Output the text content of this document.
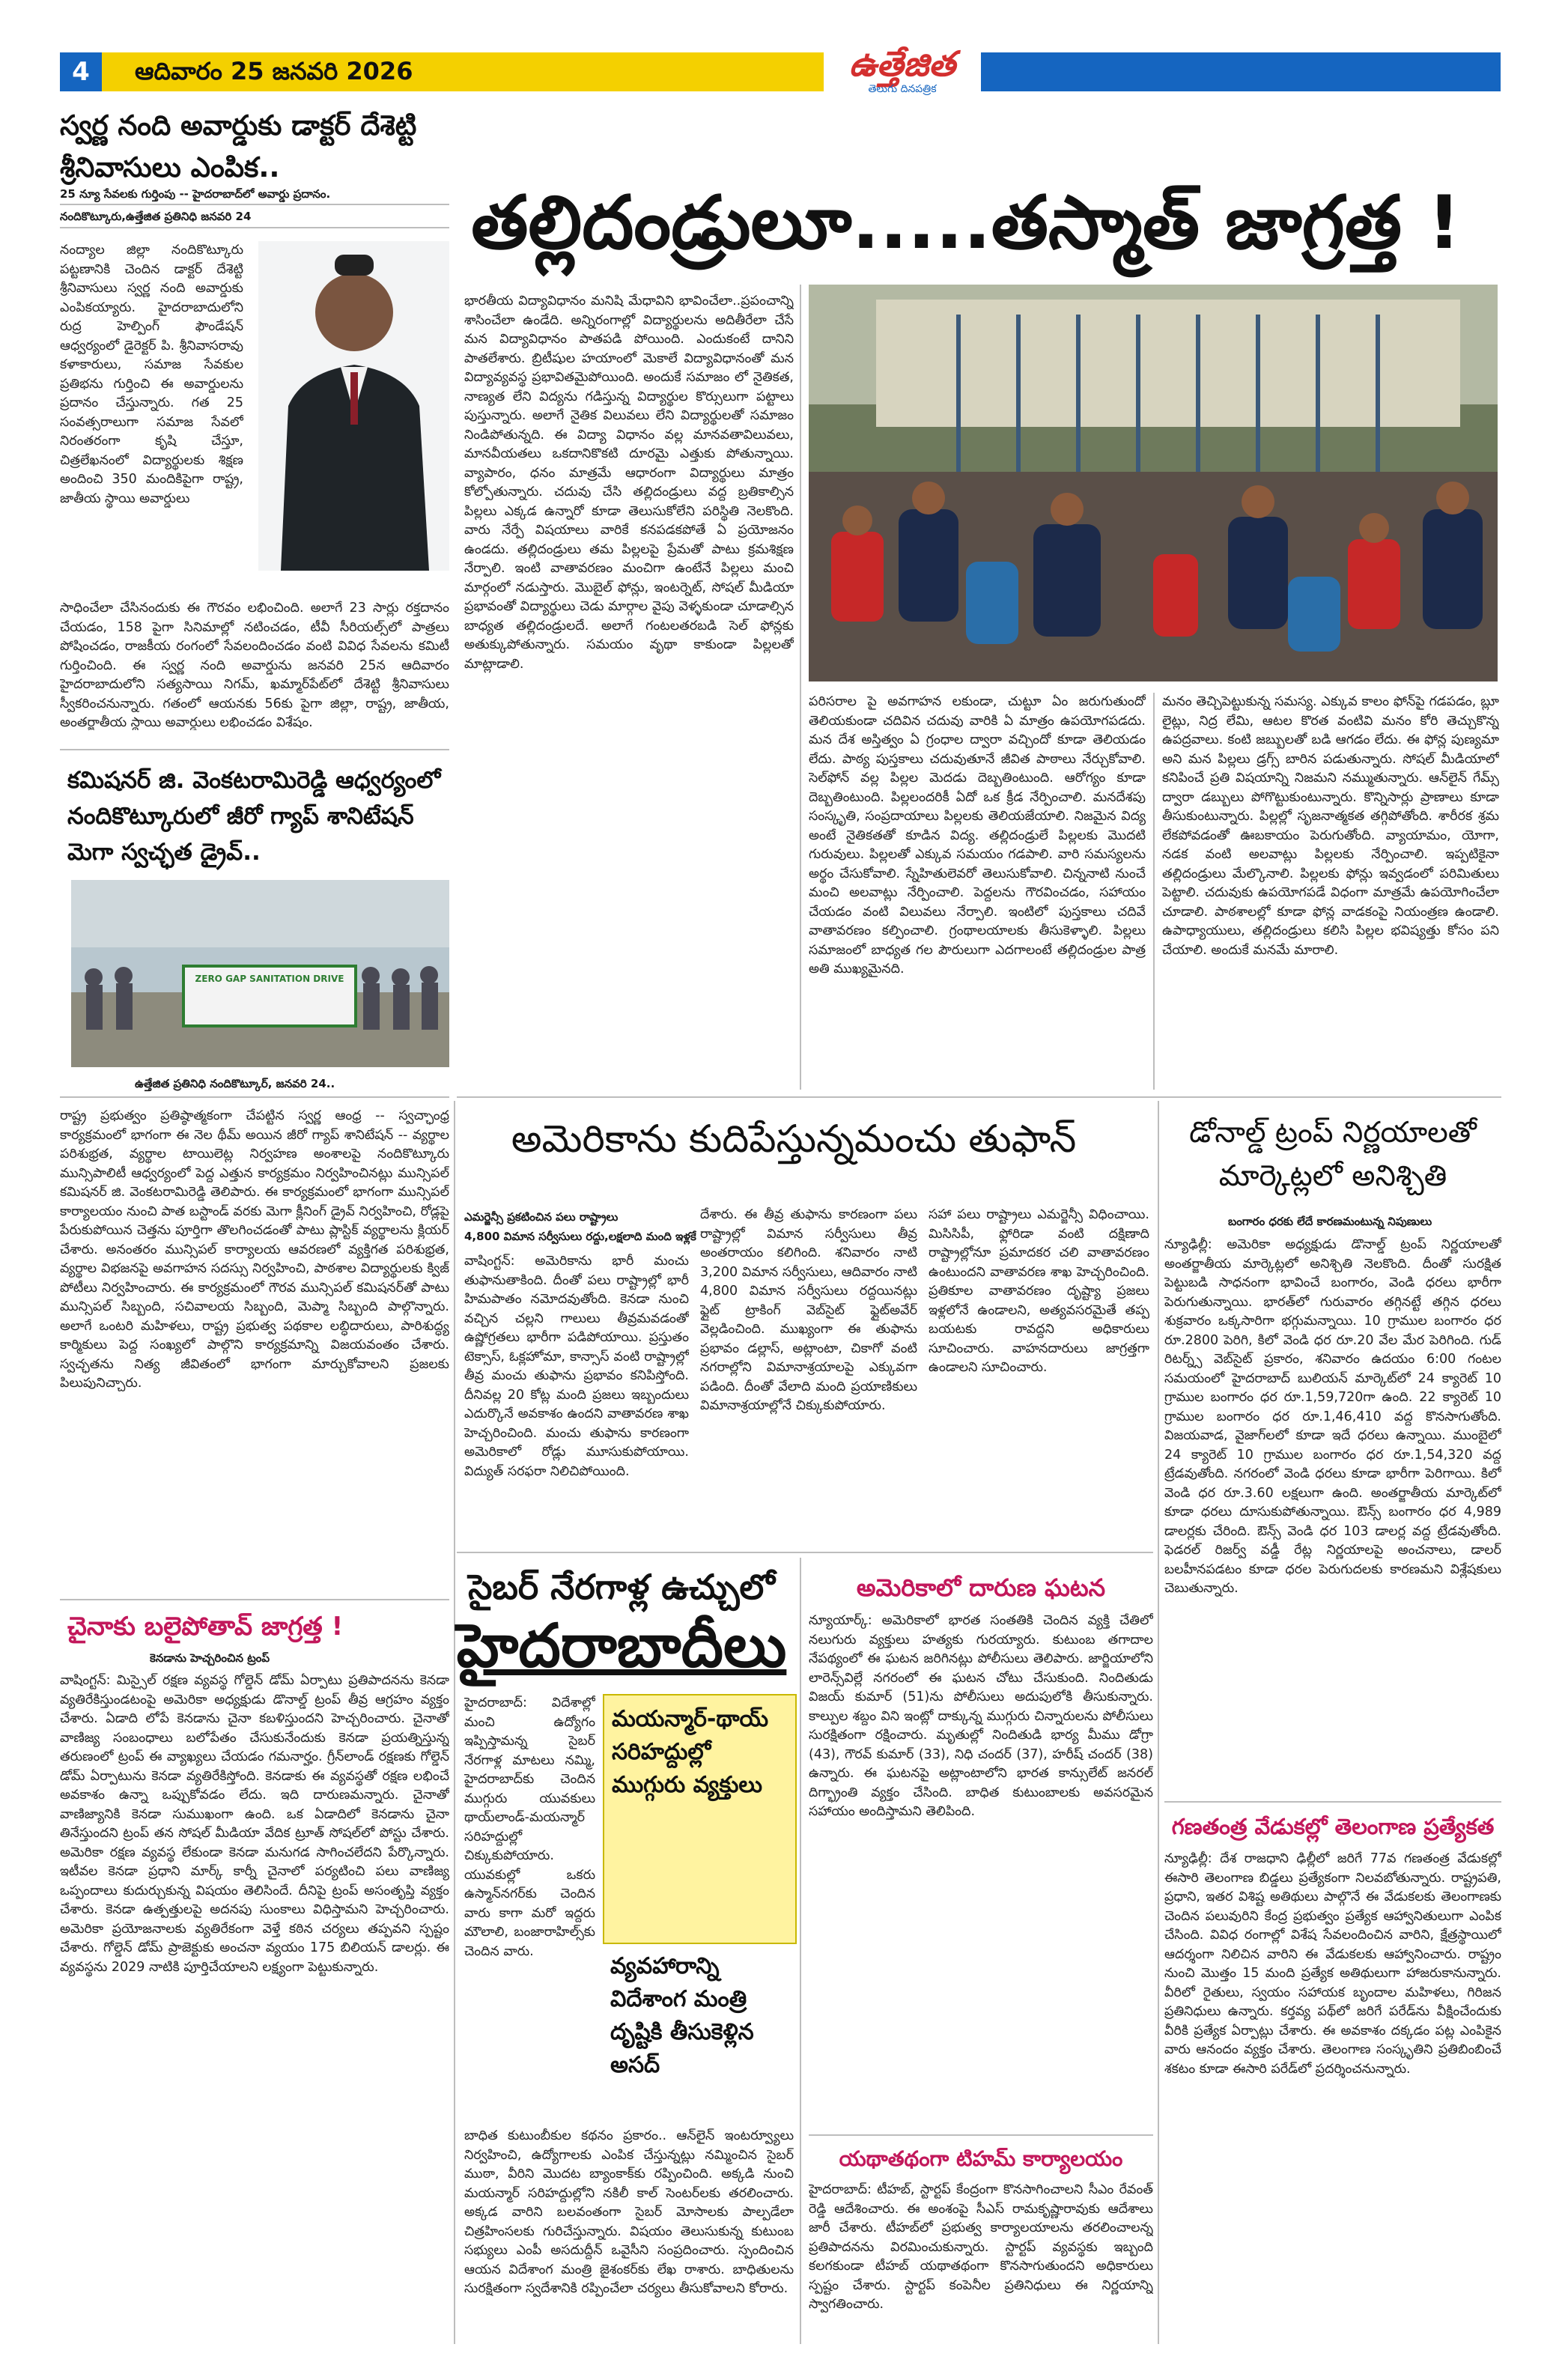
4	ఆదివారం 25 జనవరి 2026	ఉత్తేజిత
తెలుగు దినపత్రిక
స్వర్ణ నంది అవార్డుకు డాక్టర్ దేశెట్టి శ్రీనివాసులు ఎంపిక..
25 న్యూ సేవలకు గుర్తింపు -- హైదరాబాద్‌లో అవార్డు ప్రదానం.
నందికొట్కూరు,ఉత్తేజిత ప్రతినిధి జనవరి 24
నంద్యాల జిల్లా నందికొట్కూరు పట్టణానికి చెందిన డాక్టర్ దేశెట్టి శ్రీనివాసులు స్వర్ణ నంది అవార్డుకు ఎంపికయ్యారు. హైదరాబాదులోని రుద్ర హెల్పింగ్ ఫౌండేషన్ ఆధ్వర్యంలో డైరెక్టర్ పి. శ్రీనివాసరావు కళాకారులు, సమాజ సేవకుల ప్రతిభను గుర్తించి ఈ అవార్డులను ప్రదానం చేస్తున్నారు. గత 25 సంవత్సరాలుగా సమాజ సేవలో నిరంతరంగా కృషి చేస్తూ, చిత్రలేఖనంలో విద్యార్థులకు శిక్షణ అందించి 350 మందికిపైగా రాష్ట్ర, జాతీయ స్థాయి అవార్డులు
సాధించేలా చేసినందుకు ఈ గౌరవం లభించింది. అలాగే 23 సార్లు రక్తదానం చేయడం, 158 పైగా సినిమాల్లో నటించడం, టీవీ సీరియల్స్‌లో పాత్రలు పోషించడం, రాజకీయ రంగంలో సేవలందించడం వంటి వివిధ సేవలను కమిటీ గుర్తించింది. ఈ స్వర్ణ నంది అవార్డును జనవరి 25న ఆదివారం హైదరాబాదులోని సత్యసాయి నిగమ్, ఖమ్మార్‌పేట్‌లో దేశెట్టి శ్రీనివాసులు స్వీకరించనున్నారు. గతంలో ఆయనకు 56కు పైగా జిల్లా, రాష్ట్ర, జాతీయ, అంతర్జాతీయ స్థాయి అవార్డులు లభించడం విశేషం.
కమిషనర్ జి. వెంకటరామిరెడ్డి ఆధ్వర్యంలో నందికొట్కూరులో జీరో గ్యాప్ శానిటేషన్ మెగా స్వచ్ఛత డ్రైవ్..
ZERO GAP SANITATION DRIVE
ఉత్తేజిత ప్రతినిధి నందికొట్కూర్, జనవరి 24..
తల్లిదండ్రులూ.....తస్మాత్ జాగ్రత్త !
భారతీయ విద్యావిధానం మనిషి మేధావిని భావించేలా..ప్రపంచాన్ని శాసించేలా ఉండేది. అన్నిరంగాల్లో విద్యార్థులను అదితీరేలా చేసే మన విద్యావిధానం పాతపడి పోయింది. ఎందుకంటే దానిని పాతలేశారు. బ్రిటీషుల హయాంలో మెకాలే విద్యావిధానంతో మన విద్యావ్యవస్థ ప్రభావితమైపోయింది. అందుకే సమాజం లో నైతికత, నాణ్యత లేని విద్యను గడిస్తున్న విద్యార్థుల కొర్సులుగా పట్టాలు పుస్తున్నారు. అలాగే నైతిక విలువలు లేని విద్యార్థులతో సమాజం నిండిపోతున్నది. ఈ విద్యా విధానం వల్ల మానవతావిలువలు, మానవీయతలు ఒకదానికొకటి దూరమై ఎత్తుకు పోతున్నాయి. వ్యాపారం, ధనం మాత్రమే ఆధారంగా విద్యార్థులు మాత్రం కోల్పోతున్నారు. చదువు చేసి తల్లిదండ్రులు వద్ద బ్రతికాల్సిన పిల్లలు ఎక్కడ ఉన్నారో కూడా తెలుసుకోలేని పరిస్థితి నెలకొంది. వారు నేర్పే విషయాలు వారికే కనపడకపోతే ఏ ప్రయోజనం ఉండదు. తల్లిదండ్రులు తమ పిల్లలపై ప్రేమతో పాటు క్రమశిక్షణ నేర్పాలి. ఇంటి వాతావరణం మంచిగా ఉంటేనే పిల్లలు మంచి మార్గంలో నడుస్తారు. మొబైల్ ఫోన్లు, ఇంటర్నెట్, సోషల్ మీడియా ప్రభావంతో విద్యార్థులు చెడు మార్గాల వైపు వెళ్ళకుండా చూడాల్సిన బాధ్యత తల్లిదండ్రులదే. అలాగే గంటలతరబడి సెల్ ఫోన్లకు అతుక్కుపోతున్నారు. సమయం వృథా కాకుండా పిల్లలతో మాట్లాడాలి.
పరిసరాల పై అవగాహన లకుండా, చుట్టూ ఏం జరుగుతుందో తెలియకుండా చదివిన చదువు వారికి ఏ మాత్రం ఉపయోగపడదు. మన దేశ అస్తిత్వం ఏ గ్రంధాల ద్వారా వచ్చిందో కూడా తెలియడం లేదు. పాఠ్య పుస్తకాలు చదువుతూనే జీవిత పాఠాలు నేర్చుకోవాలి. సెల్‌ఫోన్ వల్ల పిల్లల మెదడు దెబ్బతింటుంది. ఆరోగ్యం కూడా దెబ్బతింటుంది. పిల్లలందరికీ ఏదో ఒక క్రీడ నేర్పించాలి. మనదేశపు సంస్కృతి, సంప్రదాయాలు పిల్లలకు తెలియజేయాలి. నిజమైన విద్య అంటే నైతికతతో కూడిన విద్య. తల్లిదండ్రులే పిల్లలకు మొదటి గురువులు. పిల్లలతో ఎక్కువ సమయం గడపాలి. వారి సమస్యలను అర్థం చేసుకోవాలి. స్నేహితులెవరో తెలుసుకోవాలి. చిన్ననాటి నుంచే మంచి అలవాట్లు నేర్పించాలి. పెద్దలను గౌరవించడం, సహాయం చేయడం వంటి విలువలు నేర్పాలి. ఇంటిలో పుస్తకాలు చదివే వాతావరణం కల్పించాలి. గ్రంథాలయాలకు తీసుకెళ్ళాలి. పిల్లలు సమాజంలో బాధ్యత గల పౌరులుగా ఎదగాలంటే తల్లిదండ్రుల పాత్ర అతి ముఖ్యమైనది.
మనం తెచ్చిపెట్టుకున్న సమస్య. ఎక్కువ కాలం ఫోన్‌పై గడపడం, బ్లూ లైట్లు, నిద్ర లేమి, ఆటల కొరత వంటివి మనం కోరి తెచ్చుకొన్న ఉపద్రవాలు. కంటి జబ్బులతో బడి ఆగడం లేదు. ఈ ఫోన్ల పుణ్యమా అని మన పిల్లలు డ్రగ్స్ బారిన పడుతున్నారు. సోషల్ మీడియాలో కనిపించే ప్రతి విషయాన్ని నిజమని నమ్ముతున్నారు. ఆన్‌లైన్ గేమ్స్ ద్వారా డబ్బులు పోగొట్టుకుంటున్నారు. కొన్నిసార్లు ప్రాణాలు కూడా తీసుకుంటున్నారు. పిల్లల్లో సృజనాత్మకత తగ్గిపోతోంది. శారీరక శ్రమ లేకపోవడంతో ఊబకాయం పెరుగుతోంది. వ్యాయామం, యోగా, నడక వంటి అలవాట్లు పిల్లలకు నేర్పించాలి. ఇప్పటికైనా తల్లిదండ్రులు మేల్కొనాలి. పిల్లలకు ఫోన్లు ఇవ్వడంలో పరిమితులు పెట్టాలి. చదువుకు ఉపయోగపడే విధంగా మాత్రమే ఉపయోగించేలా చూడాలి. పాఠశాలల్లో కూడా ఫోన్ల వాడకంపై నియంత్రణ ఉండాలి. ఉపాధ్యాయులు, తల్లిదండ్రులు కలిసి పిల్లల భవిష్యత్తు కోసం పని చేయాలి. అందుకే మనమే మారాలి.
రాష్ట్ర ప్రభుత్వం ప్రతిష్ఠాత్మకంగా చేపట్టిన స్వర్ణ ఆంధ్ర -- స్వచ్ఛాంధ్ర కార్యక్రమంలో భాగంగా ఈ నెల థీమ్ అయిన జీరో గ్యాప్ శానిటేషన్ -- వ్యర్థాల పరిశుభ్రత, వ్యర్థాల టాయిలెట్ల నిర్వహణ అంశాలపై నందికొట్కూరు మున్సిపాలిటీ ఆధ్వర్యంలో పెద్ద ఎత్తున కార్యక్రమం నిర్వహించినట్లు మున్సిపల్ కమిషనర్ జి. వెంకటరామిరెడ్డి తెలిపారు. ఈ కార్యక్రమంలో భాగంగా మున్సిపల్ కార్యాలయం నుంచి పాత బస్టాండ్ వరకు మెగా క్లీనింగ్ డ్రైవ్ నిర్వహించి, రోడ్లపై పేరుకుపోయిన చెత్తను పూర్తిగా తొలగించడంతో పాటు ప్లాస్టిక్ వ్యర్థాలను క్లియర్ చేశారు. అనంతరం మున్సిపల్ కార్యాలయ ఆవరణలో వ్యక్తిగత పరిశుభ్రత, వ్యర్థాల విభజనపై అవగాహన సదస్సు నిర్వహించి, పాఠశాల విద్యార్థులకు క్విజ్ పోటీలు నిర్వహించారు. ఈ కార్యక్రమంలో గౌరవ మున్సిపల్ కమిషనర్‌తో పాటు మున్సిపల్ సిబ్బంది, సచివాలయ సిబ్బంది, మెప్మా సిబ్బంది పాల్గొన్నారు. అలాగే ఒంటరి మహిళలు, రాష్ట్ర ప్రభుత్వ పథకాల లబ్ధిదారులు, పారిశుద్ధ్య కార్మికులు పెద్ద సంఖ్యలో పాల్గొని కార్యక్రమాన్ని విజయవంతం చేశారు. స్వచ్ఛతను నిత్య జీవితంలో భాగంగా మార్చుకోవాలని ప్రజలకు పిలుపునిచ్చారు.
చైనాకు బలైపోతావ్ జాగ్రత్త !
కెనడాను హెచ్చరించిన ట్రంప్
వాషింగ్టన్: మిస్సైల్ రక్షణ వ్యవస్థ గోల్డెన్ డోమ్ ఏర్పాటు ప్రతిపాదనను కెనడా వ్యతిరేకిస్తుండటంపై అమెరికా అధ్యక్షుడు డొనాల్డ్ ట్రంప్ తీవ్ర ఆగ్రహం వ్యక్తం చేశారు. ఏడాది లోపే కెనడాను చైనా కబళిస్తుందని హెచ్చరించారు. చైనాతో వాణిజ్య సంబంధాలు బలోపేతం చేసుకునేందుకు కెనడా ప్రయత్నిస్తున్న తరుణంలో ట్రంప్ ఈ వ్యాఖ్యలు చేయడం గమనార్హం. గ్రీన్‌లాండ్ రక్షణకు గోల్డెన్ డోమ్ ఏర్పాటును కెనడా వ్యతిరేకిస్తోంది. కెనడాకు ఈ వ్యవస్థతో రక్షణ లభించే అవకాశం ఉన్నా ఒప్పుకోవడం లేదు. ఇది దారుణమన్నారు. చైనాతో వాణిజ్యానికి కెనడా సుముఖంగా ఉంది. ఒక ఏడాదిలో కెనడాను చైనా తినేస్తుందని ట్రంప్ తన సోషల్ మీడియా వేదిక ట్రూత్ సోషల్‌లో పోస్టు చేశారు. అమెరికా రక్షణ వ్యవస్థ లేకుండా కెనడా మనుగడ సాగించలేదని పేర్కొన్నారు. ఇటీవల కెనడా ప్రధాని మార్క్ కార్నీ చైనాలో పర్యటించి పలు వాణిజ్య ఒప్పందాలు కుదుర్చుకున్న విషయం తెలిసిందే. దీనిపై ట్రంప్ అసంతృప్తి వ్యక్తం చేశారు. కెనడా ఉత్పత్తులపై అదనపు సుంకాలు విధిస్తామని హెచ్చరించారు. అమెరికా ప్రయోజనాలకు వ్యతిరేకంగా వెళ్తే కఠిన చర్యలు తప్పవని స్పష్టం చేశారు. గోల్డెన్ డోమ్ ప్రాజెక్టుకు అంచనా వ్యయం 175 బిలియన్ డాలర్లు. ఈ వ్యవస్థను 2029 నాటికి పూర్తిచేయాలని లక్ష్యంగా పెట్టుకున్నారు.
అమెరికాను కుదిపేస్తున్నమంచు తుఫాన్
ఎమర్జెన్సీ ప్రకటించిన పలు రాష్ట్రాలు
4,800 విమాన సర్వీసులు రద్దు,లక్షలాది మంది ఇళ్లకే
వాషింగ్టన్: అమెరికాను భారీ మంచు తుఫానుతాకింది. దీంతో పలు రాష్ట్రాల్లో భారీ హిమపాతం నమోదవుతోంది. కెనడా నుంచి వచ్చిన చల్లని గాలులు తీవ్రమవడంతో ఉష్ణోగ్రతలు భారీగా పడిపోయాయి. ప్రస్తుతం టెక్సాస్, ఓక్లహోమా, కాన్సాస్ వంటి రాష్ట్రాల్లో తీవ్ర మంచు తుఫాను ప్రభావం కనిపిస్తోంది. దీనివల్ల 20 కోట్ల మంది ప్రజలు ఇబ్బందులు ఎదుర్కొనే అవకాశం ఉందని వాతావరణ శాఖ హెచ్చరించింది. మంచు తుఫాను కారణంగా అమెరికాలో రోడ్లు మూసుకుపోయాయి. విద్యుత్ సరఫరా నిలిచిపోయింది.
దేశారు. ఈ తీవ్ర తుఫాను కారణంగా పలు రాష్ట్రాల్లో విమాన సర్వీసులు తీవ్ర అంతరాయం కలిగింది. శనివారం నాటి 3,200 విమాన సర్వీసులు, ఆదివారం నాటి 4,800 విమాన సర్వీసులు రద్దయినట్లు ఫ్లైట్ ట్రాకింగ్ వెబ్‌సైట్ ఫ్లైట్‌అవేర్ వెల్లడించింది. ముఖ్యంగా ఈ తుఫాను ప్రభావం డల్లాస్, అట్లాంటా, చికాగో వంటి నగరాల్లోని విమానాశ్రయాలపై ఎక్కువగా పడింది. దీంతో వేలాది మంది ప్రయాణికులు విమానాశ్రయాల్లోనే చిక్కుకుపోయారు.
సహా పలు రాష్ట్రాలు ఎమర్జెన్సీ విధించాయి. మిసిసిపీ, ఫ్లోరిడా వంటి దక్షిణాది రాష్ట్రాల్లోనూ ప్రమాదకర చలి వాతావరణం ఉంటుందని వాతావరణ శాఖ హెచ్చరించింది. ప్రతికూల వాతావరణం దృష్ట్యా ప్రజలు ఇళ్లలోనే ఉండాలని, అత్యవసరమైతే తప్ప బయటకు రావద్దని అధికారులు సూచించారు. వాహనదారులు జాగ్రత్తగా ఉండాలని సూచించారు.
డోనాల్డ్ ట్రంప్ నిర్ణయాలతో మార్కెట్లలో అనిశ్చితి
బంగారం ధరకు లేదే కారణమంటున్న నిపుణులు
న్యూఢిల్లీ: అమెరికా అధ్యక్షుడు డొనాల్డ్ ట్రంప్ నిర్ణయాలతో అంతర్జాతీయ మార్కెట్లలో అనిశ్చితి నెలకొంది. దీంతో సురక్షిత పెట్టుబడి సాధనంగా భావించే బంగారం, వెండి ధరలు భారీగా పెరుగుతున్నాయి. భారత్‌లో గురువారం తగ్గినట్టే తగ్గిన ధరలు శుక్రవారం ఒక్కసారిగా భగ్గుమన్నాయి. 10 గ్రాముల బంగారం ధర రూ.2800 పెరిగి, కిలో వెండి ధర రూ.20 వేల మేర పెరిగింది. గుడ్ రిటర్న్స్ వెబ్‌సైట్ ప్రకారం, శనివారం ఉదయం 6:00 గంటల సమయంలో హైదరాబాద్ బులియన్ మార్కెట్‌లో 24 క్యారెట్ 10 గ్రాముల బంగారం ధర రూ.1,59,720గా ఉంది. 22 క్యారెట్ 10 గ్రాముల బంగారం ధర రూ.1,46,410 వద్ద కొనసాగుతోంది. విజయవాడ, వైజాగ్‌లలో కూడా ఇదే ధరలు ఉన్నాయి. ముంబైలో 24 క్యారెట్ 10 గ్రాముల బంగారం ధర రూ.1,54,320 వద్ద ట్రేడవుతోంది. నగరంలో వెండి ధరలు కూడా భారీగా పెరిగాయి. కిలో వెండి ధర రూ.3.60 లక్షలుగా ఉంది. అంతర్జాతీయ మార్కెట్‌లో కూడా ధరలు దూసుకుపోతున్నాయి. ఔన్స్ బంగారం ధర 4,989 డాలర్లకు చేరింది. ఔన్స్ వెండి ధర 103 డాలర్ల వద్ద ట్రేడవుతోంది. ఫెడరల్ రిజర్వ్ వడ్డీ రేట్ల నిర్ణయాలపై అంచనాలు, డాలర్ బలహీనపడటం కూడా ధరల పెరుగుదలకు కారణమని విశ్లేషకులు చెబుతున్నారు.
గణతంత్ర వేడుకల్లో తెలంగాణ ప్రత్యేకత
న్యూఢిల్లీ: దేశ రాజధాని ఢిల్లీలో జరిగే 77వ గణతంత్ర వేడుకల్లో ఈసారి తెలంగాణ బిడ్డలు ప్రత్యేకంగా నిలవబోతున్నారు. రాష్ట్రపతి, ప్రధాని, ఇతర విశిష్ట అతిథులు పాల్గొనే ఈ వేడుకలకు తెలంగాణకు చెందిన పలువురిని కేంద్ర ప్రభుత్వం ప్రత్యేక ఆహ్వానితులుగా ఎంపిక చేసింది. వివిధ రంగాల్లో విశేష సేవలందించిన వారిని, క్షేత్రస్థాయిలో ఆదర్శంగా నిలిచిన వారిని ఈ వేడుకలకు ఆహ్వానించారు. రాష్ట్రం నుంచి మొత్తం 15 మంది ప్రత్యేక అతిథులుగా హాజరుకానున్నారు. వీరిలో రైతులు, స్వయం సహాయక బృందాల మహిళలు, గిరిజన ప్రతినిధులు ఉన్నారు. కర్తవ్య పథ్‌లో జరిగే పరేడ్‌ను వీక్షించేందుకు వీరికి ప్రత్యేక ఏర్పాట్లు చేశారు. ఈ అవకాశం దక్కడం పట్ల ఎంపికైన వారు ఆనందం వ్యక్తం చేశారు. తెలంగాణ సంస్కృతిని ప్రతిబింబించే శకటం కూడా ఈసారి పరేడ్‌లో ప్రదర్శించనున్నారు.
సైబర్ నేరగాళ్ల ఉచ్చులో
హైదరాబాదీలు
హైదరాబాద్: విదేశాల్లో మంచి ఉద్యోగం ఇప్పిస్తామన్న సైబర్ నేరగాళ్ల మాటలు నమ్మి, హైదరాబాద్‌కు చెందిన ముగ్గురు యువకులు థాయ్‌లాండ్-మయన్మార్ సరిహద్దుల్లో చిక్కుకుపోయారు. యువకుల్లో ఒకరు ఉస్మాన్‌నగర్‌కు చెందిన వారు కాగా మరో ఇద్దరు మౌలాలి, బంజారాహిల్స్‌కు చెందిన వారు.
మయన్మార్-థాయ్ సరిహద్దుల్లో ముగ్గురు వ్యక్తులు
వ్యవహారాన్ని విదేశాంగ మంత్రి దృష్టికి తీసుకెళ్లిన అసద్
బాధిత కుటుంబీకుల కథనం ప్రకారం.. ఆన్‌లైన్ ఇంటర్వ్యూలు నిర్వహించి, ఉద్యోగాలకు ఎంపిక చేస్తున్నట్లు నమ్మించిన సైబర్ ముఠా, వీరిని మొదట బ్యాంకాక్‌కు రప్పించింది. అక్కడి నుంచి మయన్మార్ సరిహద్దుల్లోని నకిలీ కాల్ సెంటర్‌లకు తరలించారు. అక్కడ వారిని బలవంతంగా సైబర్ మోసాలకు పాల్పడేలా చిత్రహింసలకు గురిచేస్తున్నారు. విషయం తెలుసుకున్న కుటుంబ సభ్యులు ఎంపీ అసదుద్దీన్ ఒవైసీని సంప్రదించారు. స్పందించిన ఆయన విదేశాంగ మంత్రి జైశంకర్‌కు లేఖ రాశారు. బాధితులను సురక్షితంగా స్వదేశానికి రప్పించేలా చర్యలు తీసుకోవాలని కోరారు.
అమెరికాలో దారుణ ఘటన
న్యూయార్క్: అమెరికాలో భారత సంతతికి చెందిన వ్యక్తి చేతిలో నలుగురు వ్యక్తులు హత్యకు గురయ్యారు. కుటుంబ తగాదాల నేపథ్యంలో ఈ ఘటన జరిగినట్లు పోలీసులు తెలిపారు. జార్జియాలోని లారెన్స్‌విల్లే నగరంలో ఈ ఘటన చోటు చేసుకుంది. నిందితుడు విజయ్ కుమార్ (51)ను పోలీసులు అదుపులోకి తీసుకున్నారు. కాల్పుల శబ్దం విని ఇంట్లో దాక్కున్న ముగ్గురు చిన్నారులను పోలీసులు సురక్షితంగా రక్షించారు. మృతుల్లో నిందితుడి భార్య మీము డోగ్రా (43), గౌరవ్ కుమార్ (33), నిధి చందర్ (37), హరీష్ చందర్ (38) ఉన్నారు. ఈ ఘటనపై అట్లాంటాలోని భారత కాన్సులేట్ జనరల్ దిగ్భ్రాంతి వ్యక్తం చేసింది. బాధిత కుటుంబాలకు అవసరమైన సహాయం అందిస్తామని తెలిపింది.
యథాతథంగా టిహమ్ కార్యాలయం
హైదరాబాద్: టీహబ్, స్టార్టప్ కేంద్రంగా కొనసాగించాలని సీఎం రేవంత్ రెడ్డి ఆదేశించారు. ఈ అంశంపై సీఎస్ రామకృష్ణారావుకు ఆదేశాలు జారీ చేశారు. టీహబ్‌లో ప్రభుత్వ కార్యాలయాలను తరలించాలన్న ప్రతిపాదనను విరమించుకున్నారు. స్టార్టప్ వ్యవస్థకు ఇబ్బంది కలగకుండా టీహబ్ యథాతథంగా కొనసాగుతుందని అధికారులు స్పష్టం చేశారు. స్టార్టప్ కంపెనీల ప్రతినిధులు ఈ నిర్ణయాన్ని స్వాగతించారు.
